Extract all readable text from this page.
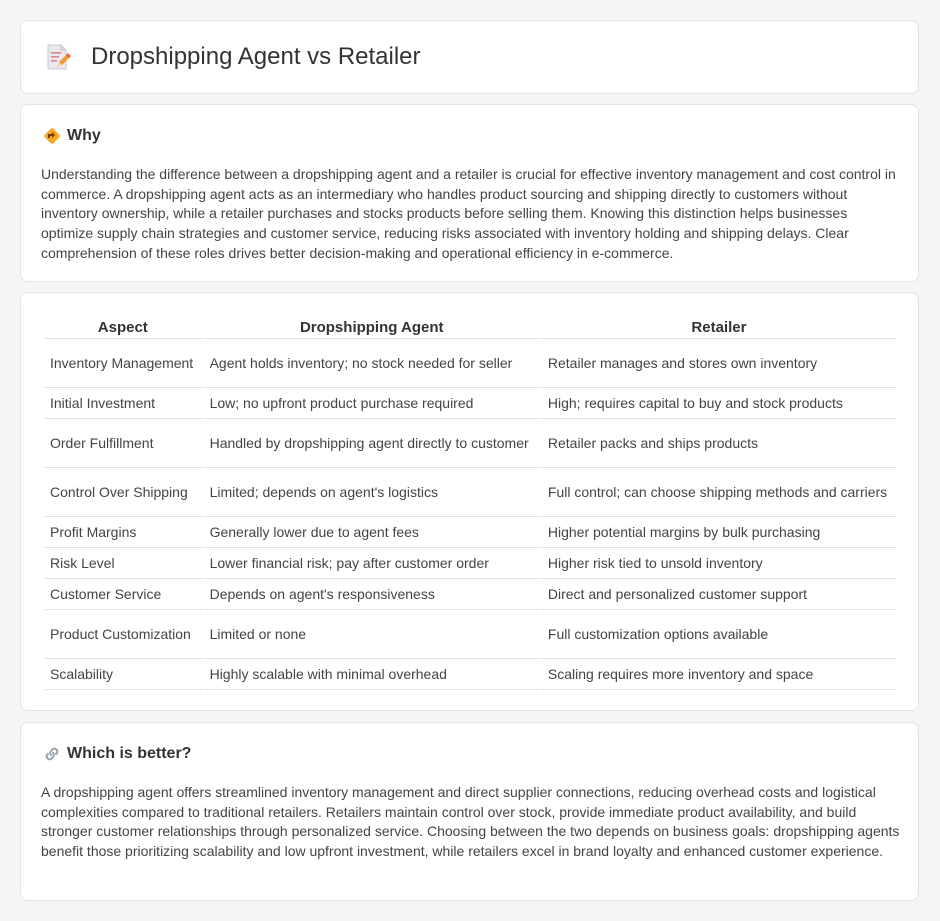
Dropshipping Agent vs Retailer
Why

Understanding the difference between a dropshipping agent and a retailer is crucial for effective inventory management and cost control in commerce. A dropshipping agent acts as an intermediary who handles product sourcing and shipping directly to customers without inventory ownership, while a retailer purchases and stocks products before selling them. Knowing this distinction helps businesses optimize supply chain strategies and customer service, reducing risks associated with inventory holding and shipping delays. Clear comprehension of these roles drives better decision-making and operational efficiency in e-commerce.

Aspect	Dropshipping Agent	Retailer
Inventory Management	Agent holds inventory; no stock needed for seller	Retailer manages and stores own inventory
Initial Investment	Low; no upfront product purchase required	High; requires capital to buy and stock products
Order Fulfillment	Handled by dropshipping agent directly to customer	Retailer packs and ships products
Control Over Shipping	Limited; depends on agent's logistics	Full control; can choose shipping methods and carriers
Profit Margins	Generally lower due to agent fees	Higher potential margins by bulk purchasing
Risk Level	Lower financial risk; pay after customer order	Higher risk tied to unsold inventory
Customer Service	Depends on agent's responsiveness	Direct and personalized customer support
Product Customization	Limited or none	Full customization options available
Scalability	Highly scalable with minimal overhead	Scaling requires more inventory and space
Which is better?

A dropshipping agent offers streamlined inventory management and direct supplier connections, reducing overhead costs and logistical complexities compared to traditional retailers. Retailers maintain control over stock, provide immediate product availability, and build stronger customer relationships through personalized service. Choosing between the two depends on business goals: dropshipping agents benefit those prioritizing scalability and low upfront investment, while retailers excel in brand loyalty and enhanced customer experience.
